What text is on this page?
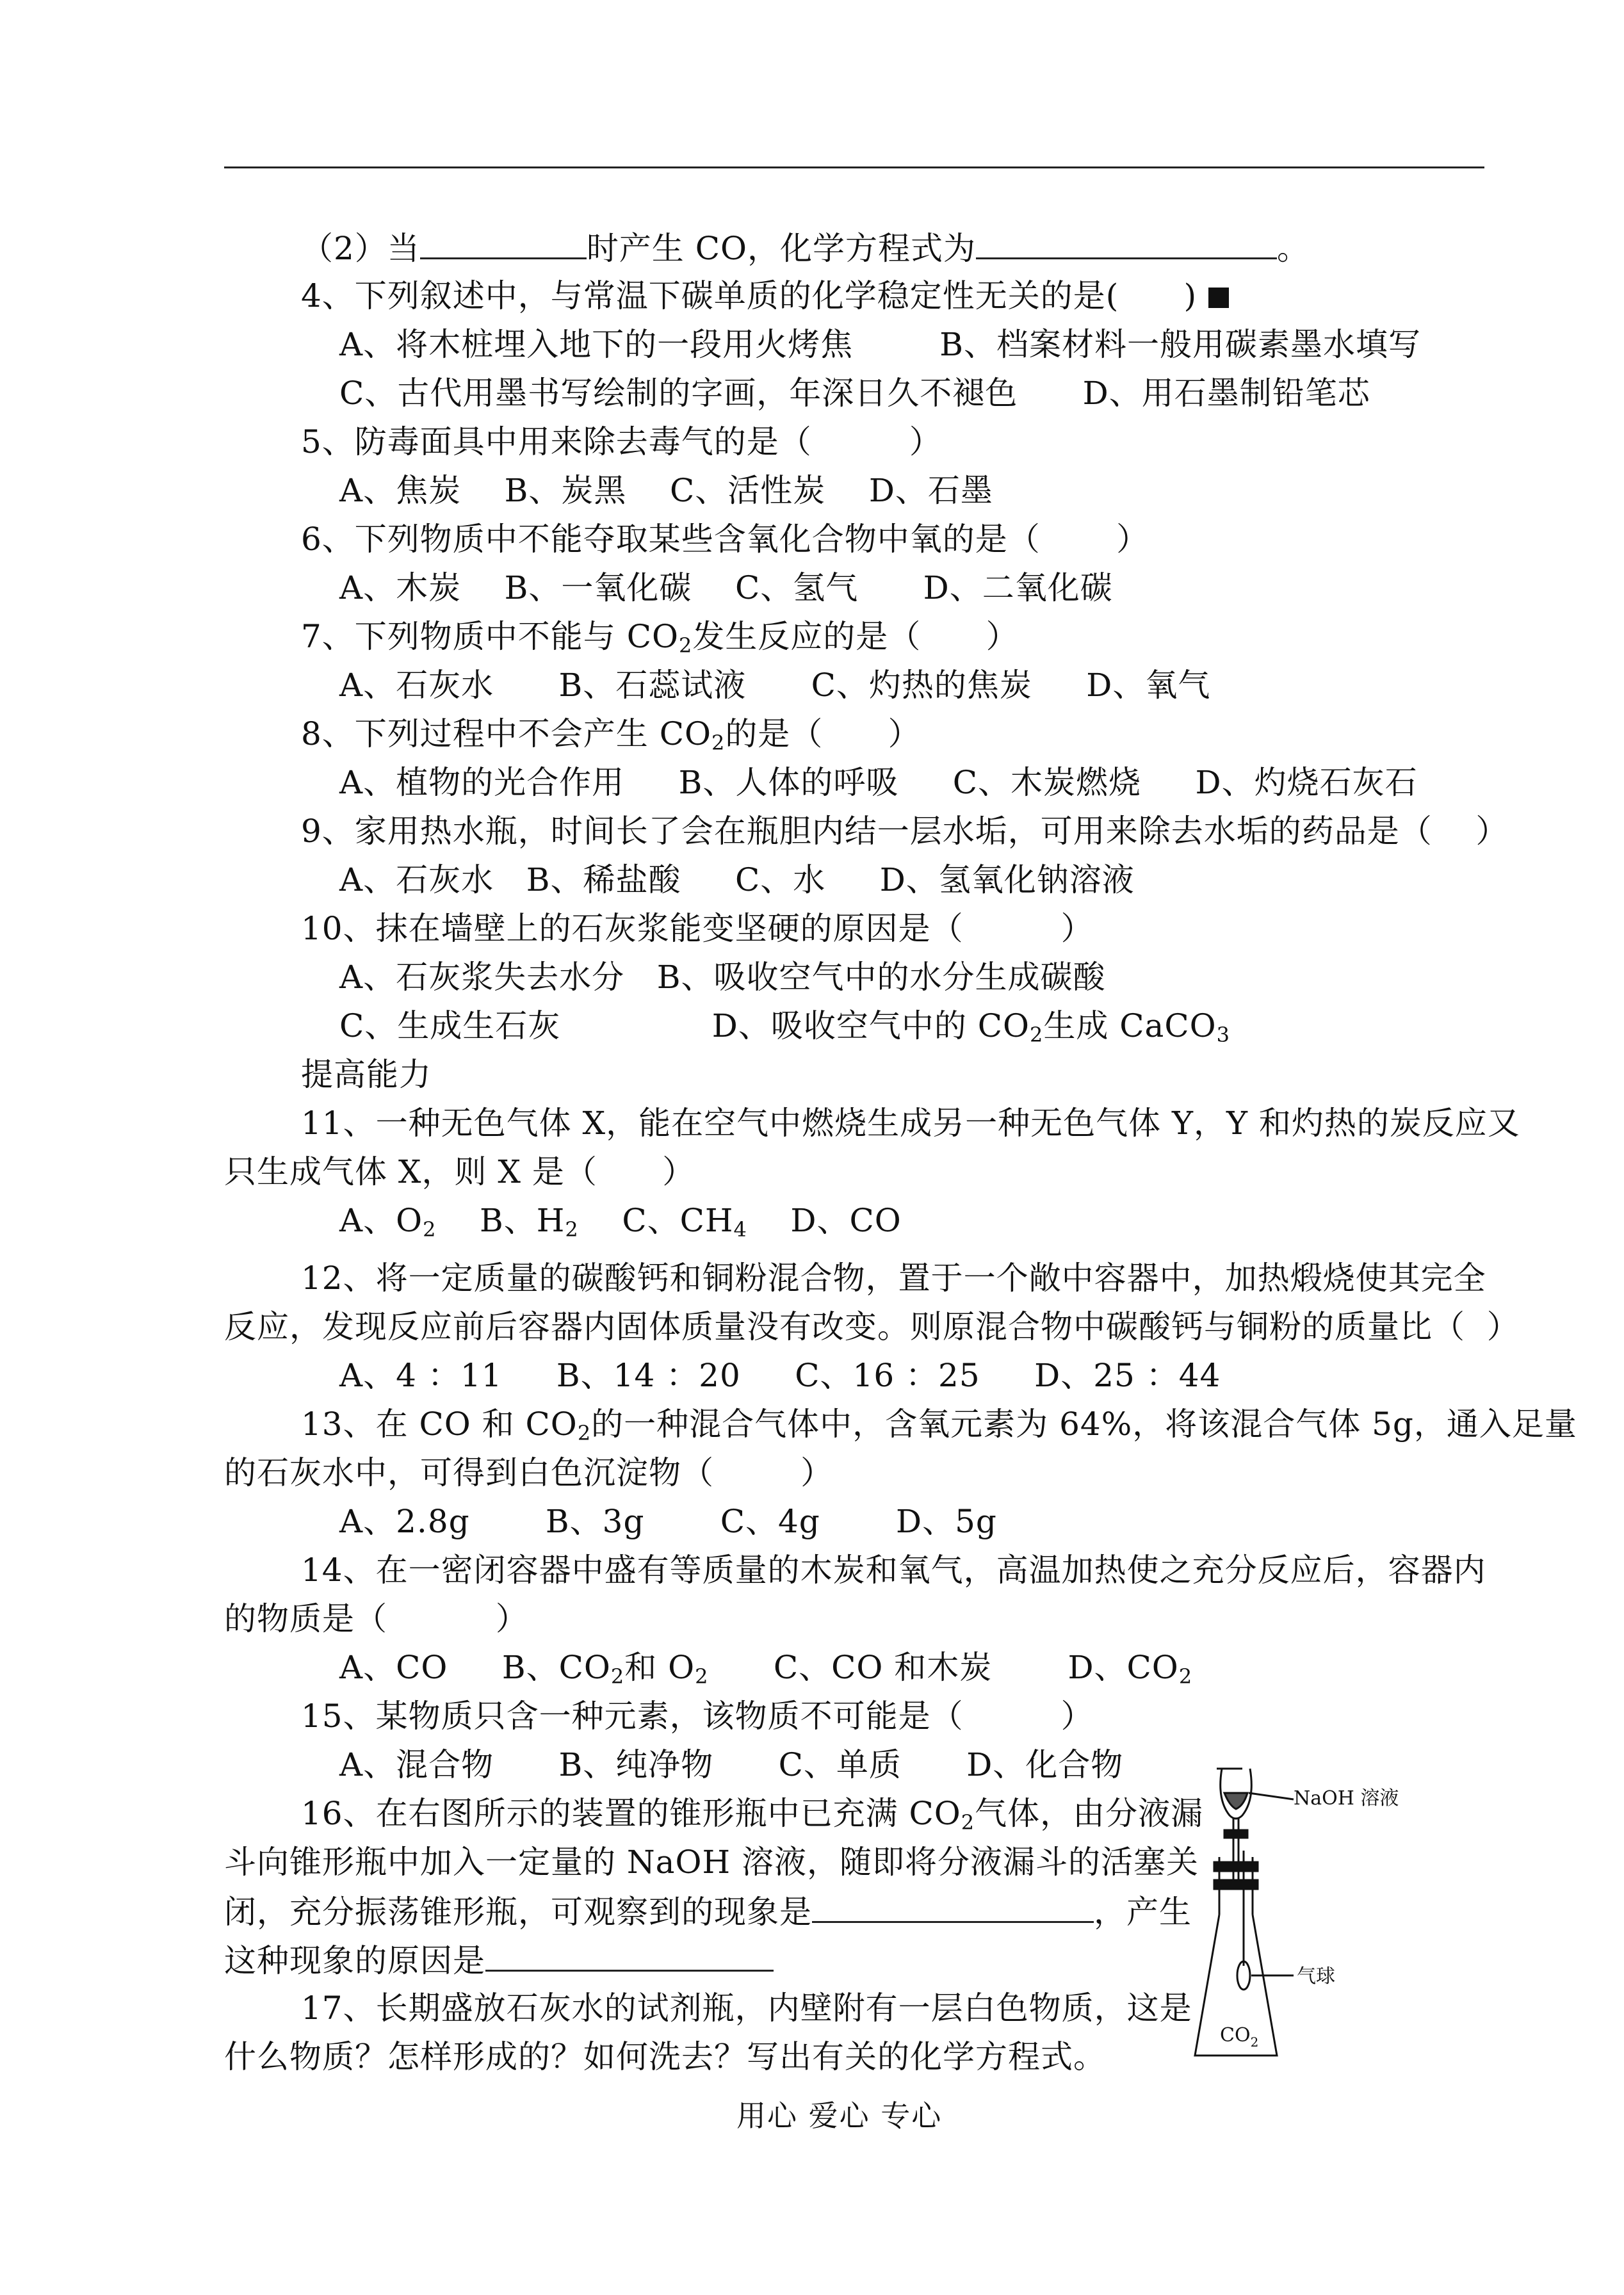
（2）当	时产生 CO，化学方程式为	。
4、下列叙述中，与常温下碳单质的化学稳定性无关的是(      )
A、将木桩埋入地下的一段用火烤焦        B、档案材料一般用碳素墨水填写
C、古代用墨书写绘制的字画，年深日久不褪色      D、用石墨制铅笔芯
5、防毒面具中用来除去毒气的是（         ）
A、焦炭    B、炭黑    C、活性炭    D、石墨
6、下列物质中不能夺取某些含氧化合物中氧的是（       ）
A、木炭    B、一氧化碳    C、氢气      D、二氧化碳
7、下列物质中不能与 $CO_2$发生反应的是（      ）
A、石灰水      B、石蕊试液      C、灼热的焦炭     D、氧气
8、下列过程中不会产生 $CO_2$的是（      ）
A、植物的光合作用     B、人体的呼吸     C、木炭燃烧     D、灼烧石灰石
9、家用热水瓶，时间长了会在瓶胆内结一层水垢，可用来除去水垢的药品是（    ）
A、石灰水   B、稀盐酸     C、水     D、氢氧化钠溶液
10、抹在墙壁上的石灰浆能变坚硬的原因是（         ）
A、石灰浆失去水分   B、吸收空气中的水分生成碳酸
C、生成生石灰              D、吸收空气中的 $CO_2$生成 CaCO$_3$
提高能力
11、一种无色气体 X，能在空气中燃烧生成另一种无色气体 Y，Y 和灼热的炭反应又
只生成气体 X，则 X 是（      ）
A、$O_2$ B、$H_2$ C、$CH_4$ D、CO
12、将一定质量的碳酸钙和铜粉混合物，置于一个敞中容器中，加热煅烧使其完全
反应，发现反应前后容器内固体质量没有改变。则原混合物中碳酸钙与铜粉的质量比（  ）
A、4 ：11     B、14 ：20     C、16 ：25     D、25 ：44
13、在 CO 和 $CO_2$的一种混合气体中，含氧元素为 64%，将该混合气体 5g，通入足量
的石灰水中，可得到白色沉淀物（        ）
A、2.8g       B、3g       C、4g       D、5g
14、在一密闭容器中盛有等质量的木炭和氧气，高温加热使之充分反应后，容器内
的物质是（          ）
A、CO     B、$CO_2$和 $O_2$ C、CO 和木炭       D、$CO_2$
15、某物质只含一种元素，该物质不可能是（         ）
A、混合物      B、纯净物      C、单质      D、化合物
16、在右图所示的装置的锥形瓶中已充满 $CO_2$气体，由分液漏
斗向锥形瓶中加入一定量的 NaOH 溶液，随即将分液漏斗的活塞关
闭，充分振荡锥形瓶，可观察到的现象是	，产生
这种现象的原因是
17、长期盛放石灰水的试剂瓶，内壁附有一层白色物质，这是
什么物质？怎样形成的？如何洗去？写出有关的化学方程式。
NaOH 溶液
气球
$CO_2$
用心 爱心 专心
